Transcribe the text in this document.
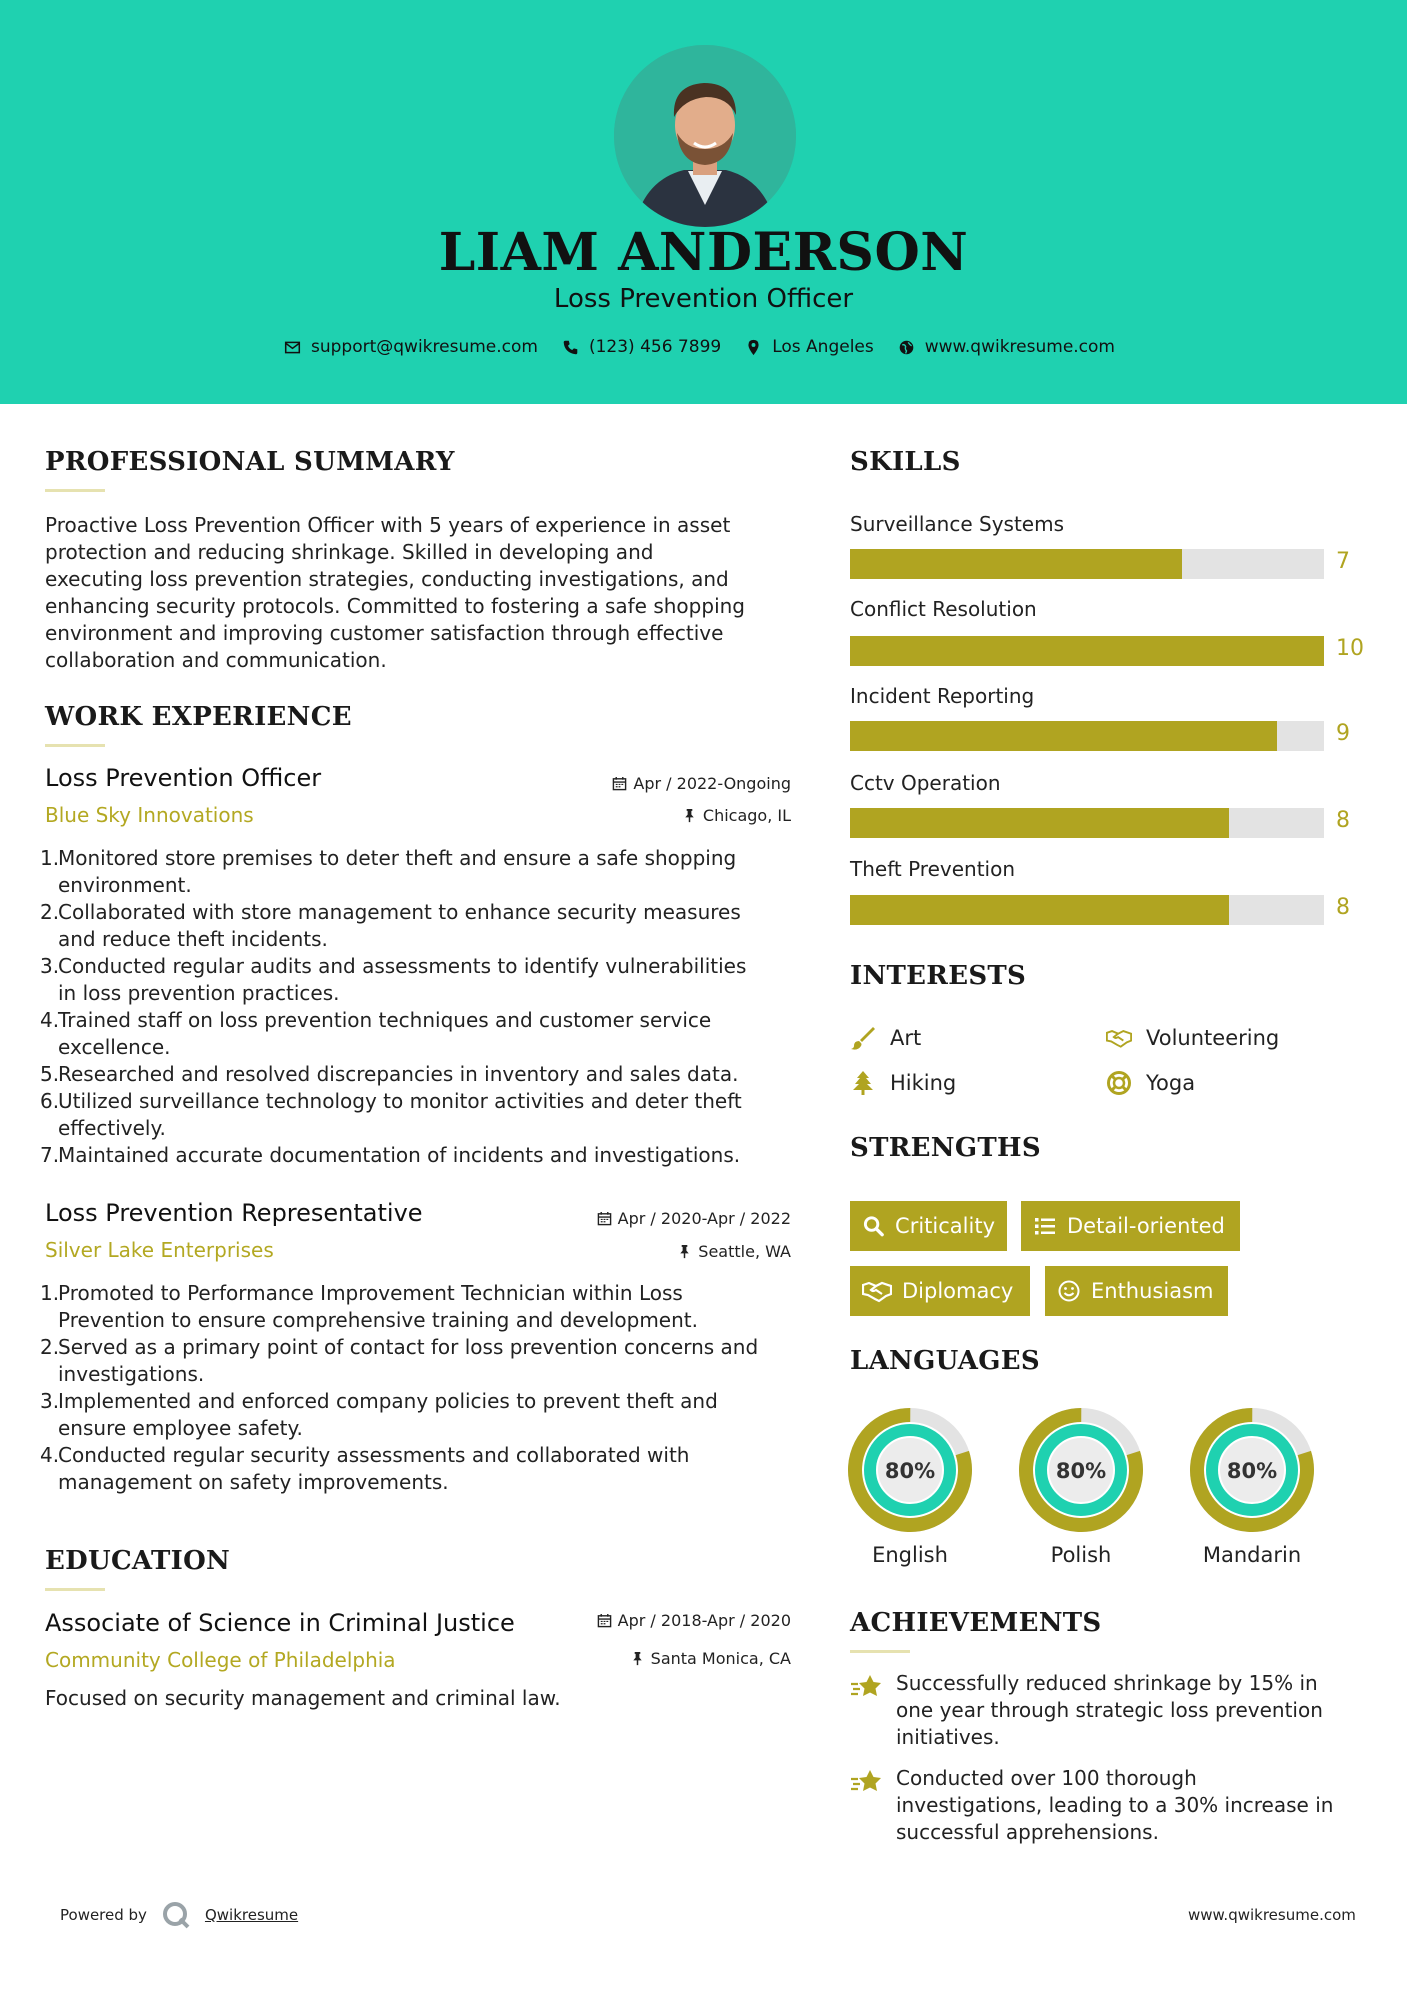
LIAM ANDERSON
Loss Prevention Officer
support@qwikresume.com	(123) 456 7899	Los Angeles	www.qwikresume.com
PROFESSIONAL SUMMARY
Proactive Loss Prevention Officer with 5 years of experience in asset
protection and reducing shrinkage. Skilled in developing and
executing loss prevention strategies, conducting investigations, and
enhancing security protocols. Committed to fostering a safe shopping
environment and improving customer satisfaction through effective
collaboration and communication.
WORK EXPERIENCE
Loss Prevention Officer
Blue Sky Innovations
Apr / 2022-Ongoing
Chicago, IL
1.
Monitored store premises to deter theft and ensure a safe shopping
environment.
2.
Collaborated with store management to enhance security measures
and reduce theft incidents.
3.
Conducted regular audits and assessments to identify vulnerabilities
in loss prevention practices.
4.
Trained staff on loss prevention techniques and customer service
excellence.
5.
Researched and resolved discrepancies in inventory and sales data.
6.
Utilized surveillance technology to monitor activities and deter theft
effectively.
7.
Maintained accurate documentation of incidents and investigations.
Loss Prevention Representative
Silver Lake Enterprises
Apr / 2020-Apr / 2022
Seattle, WA
1.
Promoted to Performance Improvement Technician within Loss
Prevention to ensure comprehensive training and development.
2.
Served as a primary point of contact for loss prevention concerns and
investigations.
3.
Implemented and enforced company policies to prevent theft and
ensure employee safety.
4.
Conducted regular security assessments and collaborated with
management on safety improvements.
EDUCATION
Associate of Science in Criminal Justice
Community College of Philadelphia
Apr / 2018-Apr / 2020
Santa Monica, CA
Focused on security management and criminal law.
SKILLS
Surveillance Systems
7
Conflict Resolution
10
Incident Reporting
9
Cctv Operation
8
Theft Prevention
8
INTERESTS
Art	Volunteering
Hiking	Yoga
STRENGTHS
Criticality	Detail-oriented
Diplomacy	Enthusiasm
LANGUAGES
80%
English
80%
Polish
80%
Mandarin
ACHIEVEMENTS
Successfully reduced shrinkage by 15% in
one year through strategic loss prevention
initiatives.
Conducted over 100 thorough
investigations, leading to a 30% increase in
successful apprehensions.
Powered by	Qwikresume	www.qwikresume.com
